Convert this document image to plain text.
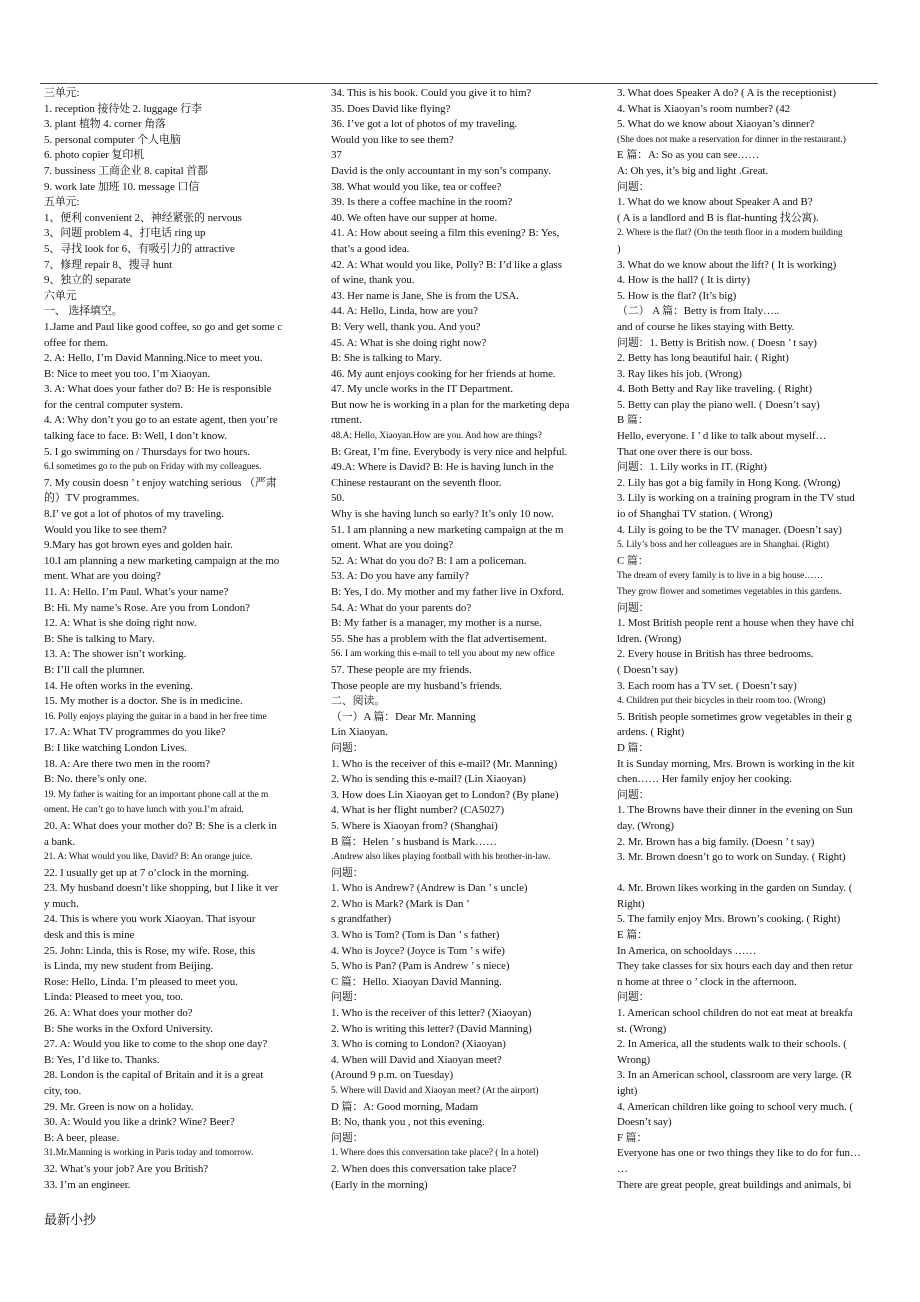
三单元:
1. reception 接待处 2. luggage 行李
3. plant 植物 4. corner 角落
5. personal computer 个人电脑
6. photo copier 复印机
7. bussiness 工商企业 8. capital 首都
9. work late 加班 10. message 口信
五单元:
1、便利 convenient 2、神经紧张的 nervous
3、问题 problem 4、打电话 ring up
5、寻找 look for 6、有吸引力的 attractive
7、修理 repair 8、搜寻 hunt
9、独立的 separate
六单元
一、 选择填空。
1.Jame and Paul like good coffee, so go and get some c
offee for them.
2. A: Hello, I’m David Manning.Nice to meet you.
B: Nice to meet you too. I’m Xiaoyan.
3. A: What does your father do? B: He is responsible
for the central computer system.
4. A: Why don’t you go to an estate agent, then you’re
talking face to face. B: Well, I don’t know.
5. I go swimming on / Thursdays for two hours.
6.I sometimes go to the pub on Friday with my colleagues.
7. My cousin doesn ’ t enjoy watching serious （严肃
的）TV programmes.
8.I’ ve got a lot of photos of my traveling.
Would you like to see them?
9.Mary has got brown eyes and golden hair.
10.I am planning a new marketing campaign at the mo
ment. What are you doing?
11. A: Hello. I’m Paul. What’s your name?
B: Hi. My name’s Rose. Are you from London?
12. A: What is she doing right now.
B: She is talking to Mary.
13. A: The shower isn’t working.
B: I’ll call the plumner.
14. He often works in the evening.
15. My mother is a doctor. She is in medicine.
16. Polly enjoys playing the guitar in a band in her free time
17. A: What TV programmes do you like?
B: I like watching London Lives.
18. A: Are there two men in the room?
B: No. there’s only one.
19. My father is waiting for an important phone call at the m
oment. He can’t go to have lunch with you.I’m afraid.
20. A: What does your mother do? B: She is a clerk in
a bank.
21. A: What would you like, David? B: An orange juice.
22. I usually get up at 7 o’clock in the morning.
23. My husband doesn’t like shopping, but I like it ver
y much.
24. This is where you work Xiaoyan. That isyour
desk and this is mine
25. John: Linda, this is Rose, my wife. Rose, this
is Linda, my new student from Beijing.
Rose: Hello, Linda. I’m pleased to meet you.
Linda: Pleased to meet you, too.
26. A: What does your mother do?
B: She works in the Oxford University.
27. A: Would you like to come to the shop one day?
B: Yes, I’d like to. Thanks.
28. London is the capital of Britain and it is a great
city, too.
29. Mr. Green is now on a holiday.
30. A: Would you like a drink? Wine? Beer?
B: A beer, please.
31.Mr.Manning is working in Paris today and tomorrow.
32. What’s your job? Are you British?
33. I’m an engineer.
34. This is his book. Could you give it to him?
35. Does David like flying?
36. I’ve got a lot of photos of my traveling.
Would you like to see them?
37
David is the only accountant in my son’s company.
38. What would you like, tea or coffee?
39. Is there a coffee machine in the room?
40. We often have our supper at home.
41. A: How about seeing a film this evening? B: Yes,
that’s a good idea.
42. A: What would you like, Polly? B: I’d like a glass
of wine, thank you.
43. Her name is Jane, She is from the USA.
44. A: Hello, Linda, how are you?
B: Very well, thank you. And you?
45. A: What is she doing right now?
B: She is talking to Mary.
46. My aunt enjoys cooking for her friends at home.
47. My uncle works in the IT Department.
But now he is working in a plan for the marketing depa
rtment.
48.A: Hello, Xiaoyan.How are you. And how are things?
B: Great, I’m fine. Everybody is very nice and helpful.
49.A: Where is David? B: He is having lunch in the
Chinese restaurant on the seventh floor.
50.
Why is she having lunch so early? It’s only 10 now.
51. I am planning a new marketing campaign at the m
oment. What are you doing?
52. A: What do you do? B: I am a policeman.
53. A: Do you have any family?
B: Yes, I do. My mother and my father live in Oxford.
54. A: What do your parents do?
B: My father is a manager, my mother is a nurse.
55. She has a problem with the flat advertisement.
56. I am working this e-mail to tell you about my new office
57. These people are my friends.
Those people are my husband’s friends.
二、阅读。
（一）A 篇：Dear Mr. Manning
Lin Xiaoyan.
问题：
1. Who is the receiver of this e-mail? (Mr. Manning)
2. Who is sending this e-mail? (Lin Xiaoyan)
3. How does Lin Xiaoyan get to London? (By plane)
4. What is her flight number? (CA5027)
5. Where is Xiaoyan from? (Shanghai)
B 篇：Helen ’ s husband is Mark……
.Andrew also likes playing football with his brother-in-law.
问题：
1. Who is Andrew? (Andrew is Dan ’ s uncle)
2. Who is Mark? (Mark is Dan ’
s grandfather)
3. Who is Tom? (Tom is Dan ’ s father)
4. Who is Joyce? (Joyce is Tom ’ s wife)
5. Who is Pan? (Pam is Andrew ’ s niece)
C 篇：Hello. Xiaoyan David Manning.
问题：
1. Who is the receiver of this letter? (Xiaoyan)
2. Who is writing this letter? (David Manning)
3. Who is coming to London? (Xiaoyan)
4. When will David and Xiaoyan meet?
(Around 9 p.m. on Tuesday)
5. Where will David and Xiaoyan meet? (At the airport)
D 篇：A: Good morning, Madam
B: No, thank you , not this evening.
问题：
1. Where does this conversation take place? ( In a hotel)
2. When does this conversation take place?
(Early in the morning)
3. What does Speaker A do? ( A is the receptionist)
4. What is Xiaoyan’s room number? (42
5. What do we know about Xiaoyan’s dinner?
(She does not make a reservation for dinner in the restaurant.)
E 篇：A: So as you can see……
A: Oh yes, it’s big and light .Great.
问题：
1. What do we know about Speaker A and B?
( A is a landlord and B is flat-hunting 找公寓).
2. Where is the flat? (On the tenth floor in a modern building
)
3. What do we know about the lift? ( It is working)
4. How is the hall? ( It is dirty)
5. How is the flat? (It’s big)
（二） A 篇：Betty is from Italy…..
and of course he likes staying with Betty.
问题：1. Betty is British now. ( Doesn ’ t say)
2. Betty has long beautiful hair. ( Right)
3. Ray likes his job. (Wrong)
4. Both Betty and Ray like traveling. ( Right)
5. Betty can play the piano well. ( Doesn’t say)
B 篇：
Hello, everyone. I ’ d like to talk about myself…
That one over there is our boss.
问题：1. Lily works in IT. (Right)
2. Lily has got a big family in Hong Kong. (Wrong)
3. Lily is working on a training program in the TV stud
io of Shanghai TV station. ( Wrong)
4. Lily is going to be the TV manager. (Doesn’t say)
5. Lily’s boss and her colleagues are in Shanghai. (Right)
C 篇：
The dream of every family is to live in a big house……
They grow flower and sometimes vegetables in this gardens.
问题：
1. Most British people rent a house when they have chi
ldren. (Wrong)
2. Every house in British has three bedrooms.
( Doesn’t say)
3. Each room has a TV set. ( Doesn’t say)
4. Children put their bicycles in their room too. (Wrong)
5. British people sometimes grow vegetables in their g
ardens. ( Right)
D 篇：
It is Sunday morning, Mrs. Brown is working in the kit
chen…… Her family enjoy her cooking.
问题：
1. The Browns have their dinner in the evening on Sun
day. (Wrong)
2. Mr. Brown has a big family. (Doesn ’ t say)
3. Mr. Brown doesn’t go to work on Sunday. ( Right)
4. Mr. Brown likes working in the garden on Sunday. (
Right)
5. The family enjoy Mrs. Brown’s cooking. ( Right)
E 篇：
In America, on schooldays ……
They take classes for six hours each day and then retur
n home at three o ’ clock in the afternoon.
问题：
1. American school children do not eat meat at breakfa
st. (Wrong)
2. In America, all the students walk to their schools. (
Wrong)
3. In an American school, classroom are very large. (R
ight)
4. American children like going to school very much. (
Doesn’t say)
F 篇：
Everyone has one or two things they like to do for fun…
…
There are great people, great buildings and animals, bi
最新小抄
